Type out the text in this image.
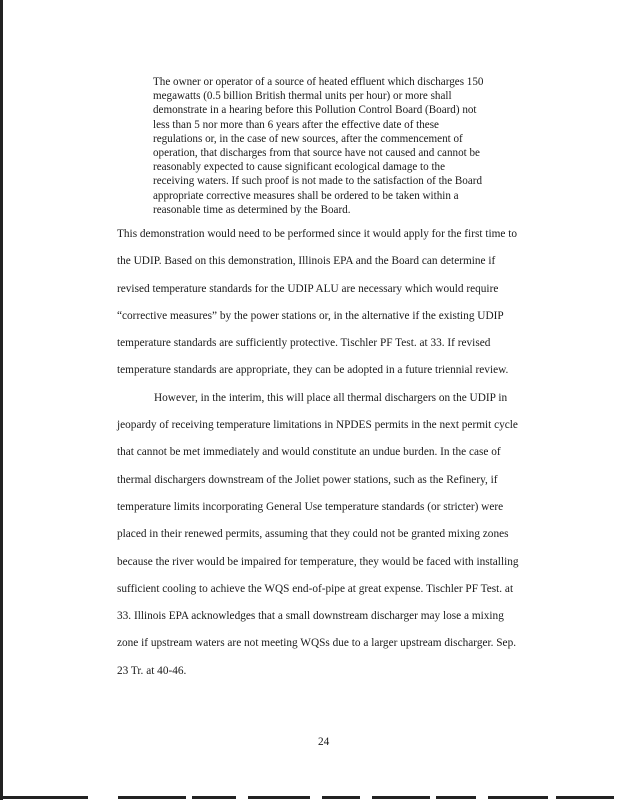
The owner or operator of a source of heated effluent which discharges 150
megawatts (0.5 billion British thermal units per hour) or more shall
demonstrate in a hearing before this Pollution Control Board (Board) not
less than 5 nor more than 6 years after the effective date of these
regulations or, in the case of new sources, after the commencement of
operation, that discharges from that source have not caused and cannot be
reasonably expected to cause significant ecological damage to the
receiving waters. If such proof is not made to the satisfaction of the Board
appropriate corrective measures shall be ordered to be taken within a
reasonable time as determined by the Board.
This demonstration would need to be performed since it would apply for the first time to
the UDIP. Based on this demonstration, Illinois EPA and the Board can determine if
revised temperature standards for the UDIP ALU are necessary which would require
“corrective measures” by the power stations or, in the alternative if the existing UDIP
temperature standards are sufficiently protective. Tischler PF Test. at 33. If revised
temperature standards are appropriate, they can be adopted in a future triennial review.
However, in the interim, this will place all thermal dischargers on the UDIP in
jeopardy of receiving temperature limitations in NPDES permits in the next permit cycle
that cannot be met immediately and would constitute an undue burden. In the case of
thermal dischargers downstream of the Joliet power stations, such as the Refinery, if
temperature limits incorporating General Use temperature standards (or stricter) were
placed in their renewed permits, assuming that they could not be granted mixing zones
because the river would be impaired for temperature, they would be faced with installing
sufficient cooling to achieve the WQS end-of-pipe at great expense. Tischler PF Test. at
33. Illinois EPA acknowledges that a small downstream discharger may lose a mixing
zone if upstream waters are not meeting WQSs due to a larger upstream discharger. Sep.
23 Tr. at 40-46.
24
